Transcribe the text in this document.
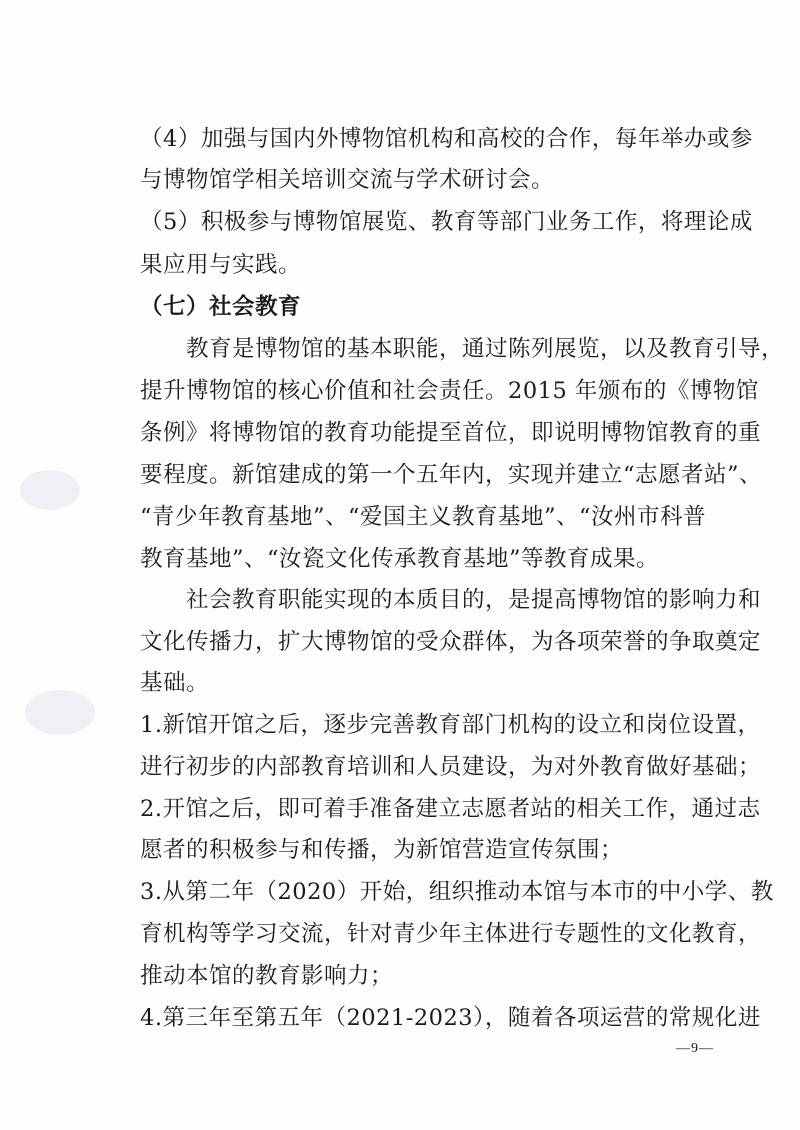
（4）加强与国内外博物馆机构和高校的合作，每年举办或参
与博物馆学相关培训交流与学术研讨会。
（5）积极参与博物馆展览、教育等部门业务工作，将理论成
果应用与实践。
（七）社会教育
教育是博物馆的基本职能，通过陈列展览，以及教育引导，
提升博物馆的核心价值和社会责任。2015 年颁布的《博物馆
条例》将博物馆的教育功能提至首位，即说明博物馆教育的重
要程度。新馆建成的第一个五年内，实现并建立“志愿者站”、
“青少年教育基地”、“爱国主义教育基地”、“汝州市科普
教育基地”、“汝瓷文化传承教育基地”等教育成果。
社会教育职能实现的本质目的，是提高博物馆的影响力和
文化传播力，扩大博物馆的受众群体，为各项荣誉的争取奠定
基础。
1.新馆开馆之后，逐步完善教育部门机构的设立和岗位设置，
进行初步的内部教育培训和人员建设，为对外教育做好基础；
2.开馆之后，即可着手准备建立志愿者站的相关工作，通过志
愿者的积极参与和传播，为新馆营造宣传氛围；
3.从第二年（2020）开始，组织推动本馆与本市的中小学、教
育机构等学习交流，针对青少年主体进行专题性的文化教育，
推动本馆的教育影响力；
4.第三年至第五年（2021-2023），随着各项运营的常规化进
—9—
